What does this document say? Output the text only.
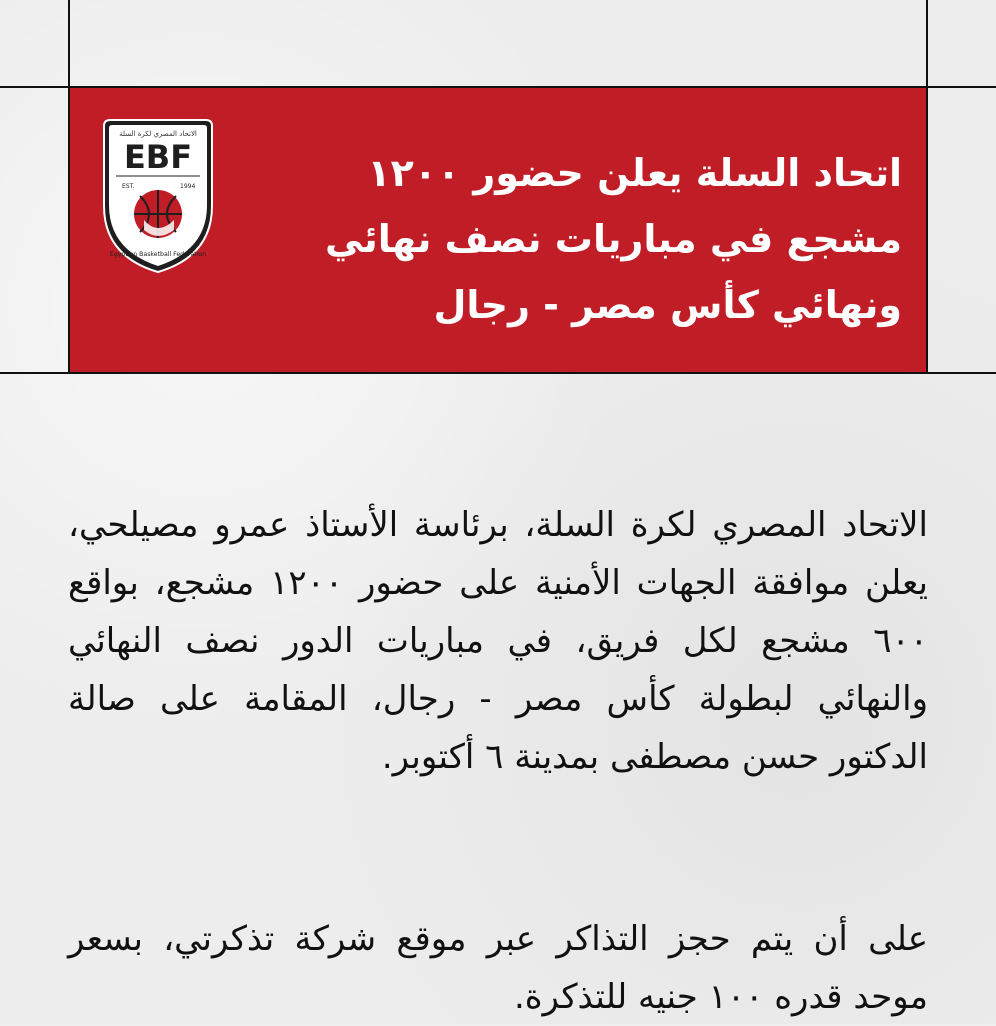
اتحاد السلة يعلن حضور ١٢٠٠ مشجع في مباريات نصف نهائي ونهائي كأس مصر - رجال

الاتحاد المصري لكرة السلة
EBF
EST.	1994
Egyptian Basketball Federation

الاتحاد المصري لكرة السلة، برئاسة الأستاذ عمرو مصيلحي، يعلن موافقة الجهات الأمنية على حضور ١٢٠٠ مشجع، بواقع ٦٠٠ مشجع لكل فريق، في مباريات الدور نصف النهائي والنهائي لبطولة كأس مصر - رجال، المقامة على صالة الدكتور حسن مصطفى بمدينة ٦ أكتوبر.

على أن يتم حجز التذاكر عبر موقع شركة تذكرتي، بسعر موحد قدره ١٠٠ جنيه للتذكرة.
